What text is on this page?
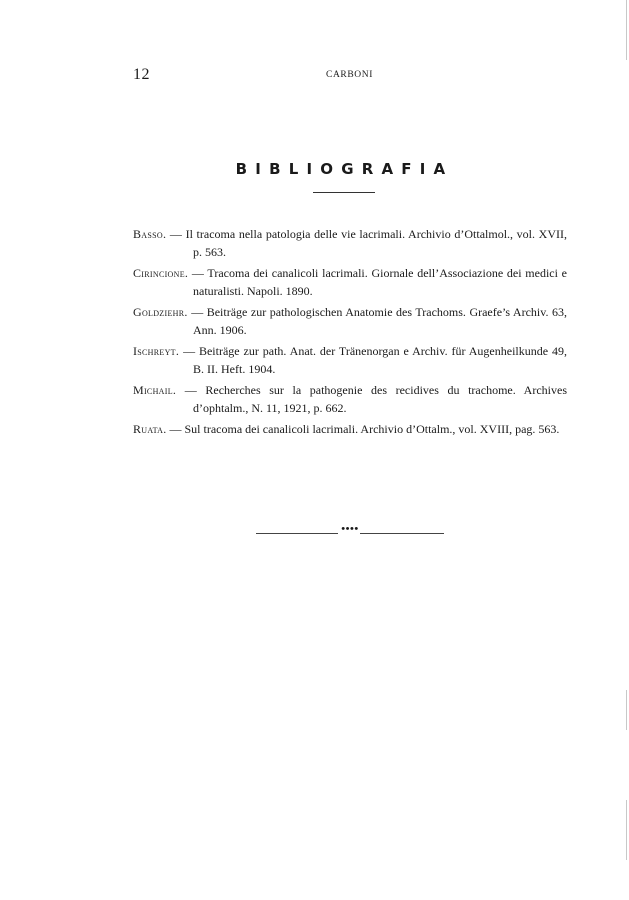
12	CARBONI
BIBLIOGRAFIA
Basso. — Il tracoma nella patologia delle vie lacrimali. Archivio d’Ottalmol., vol. XVII, p. 563.
Cirincione. — Tracoma dei canalicoli lacrimali. Giornale dell’Associazione dei medici e naturalisti. Napoli. 1890.
Goldziehr. — Beiträge zur pathologischen Anatomie des Trachoms. Graefe’s Archiv. 63, Ann. 1906.
Ischreyt. — Beiträge zur path. Anat. der Tränenorgan e Archiv. für Augenheilkunde 49, B. II. Heft. 1904.
Michail. — Recherches sur la pathogenie des recidives du trachome. Archives d’ophtalm., N. 11, 1921, p. 662.
Ruata. — Sul tracoma dei canalicoli lacrimali. Archivio d’Ottalm., vol. XVIII, pag. 563.
••••
